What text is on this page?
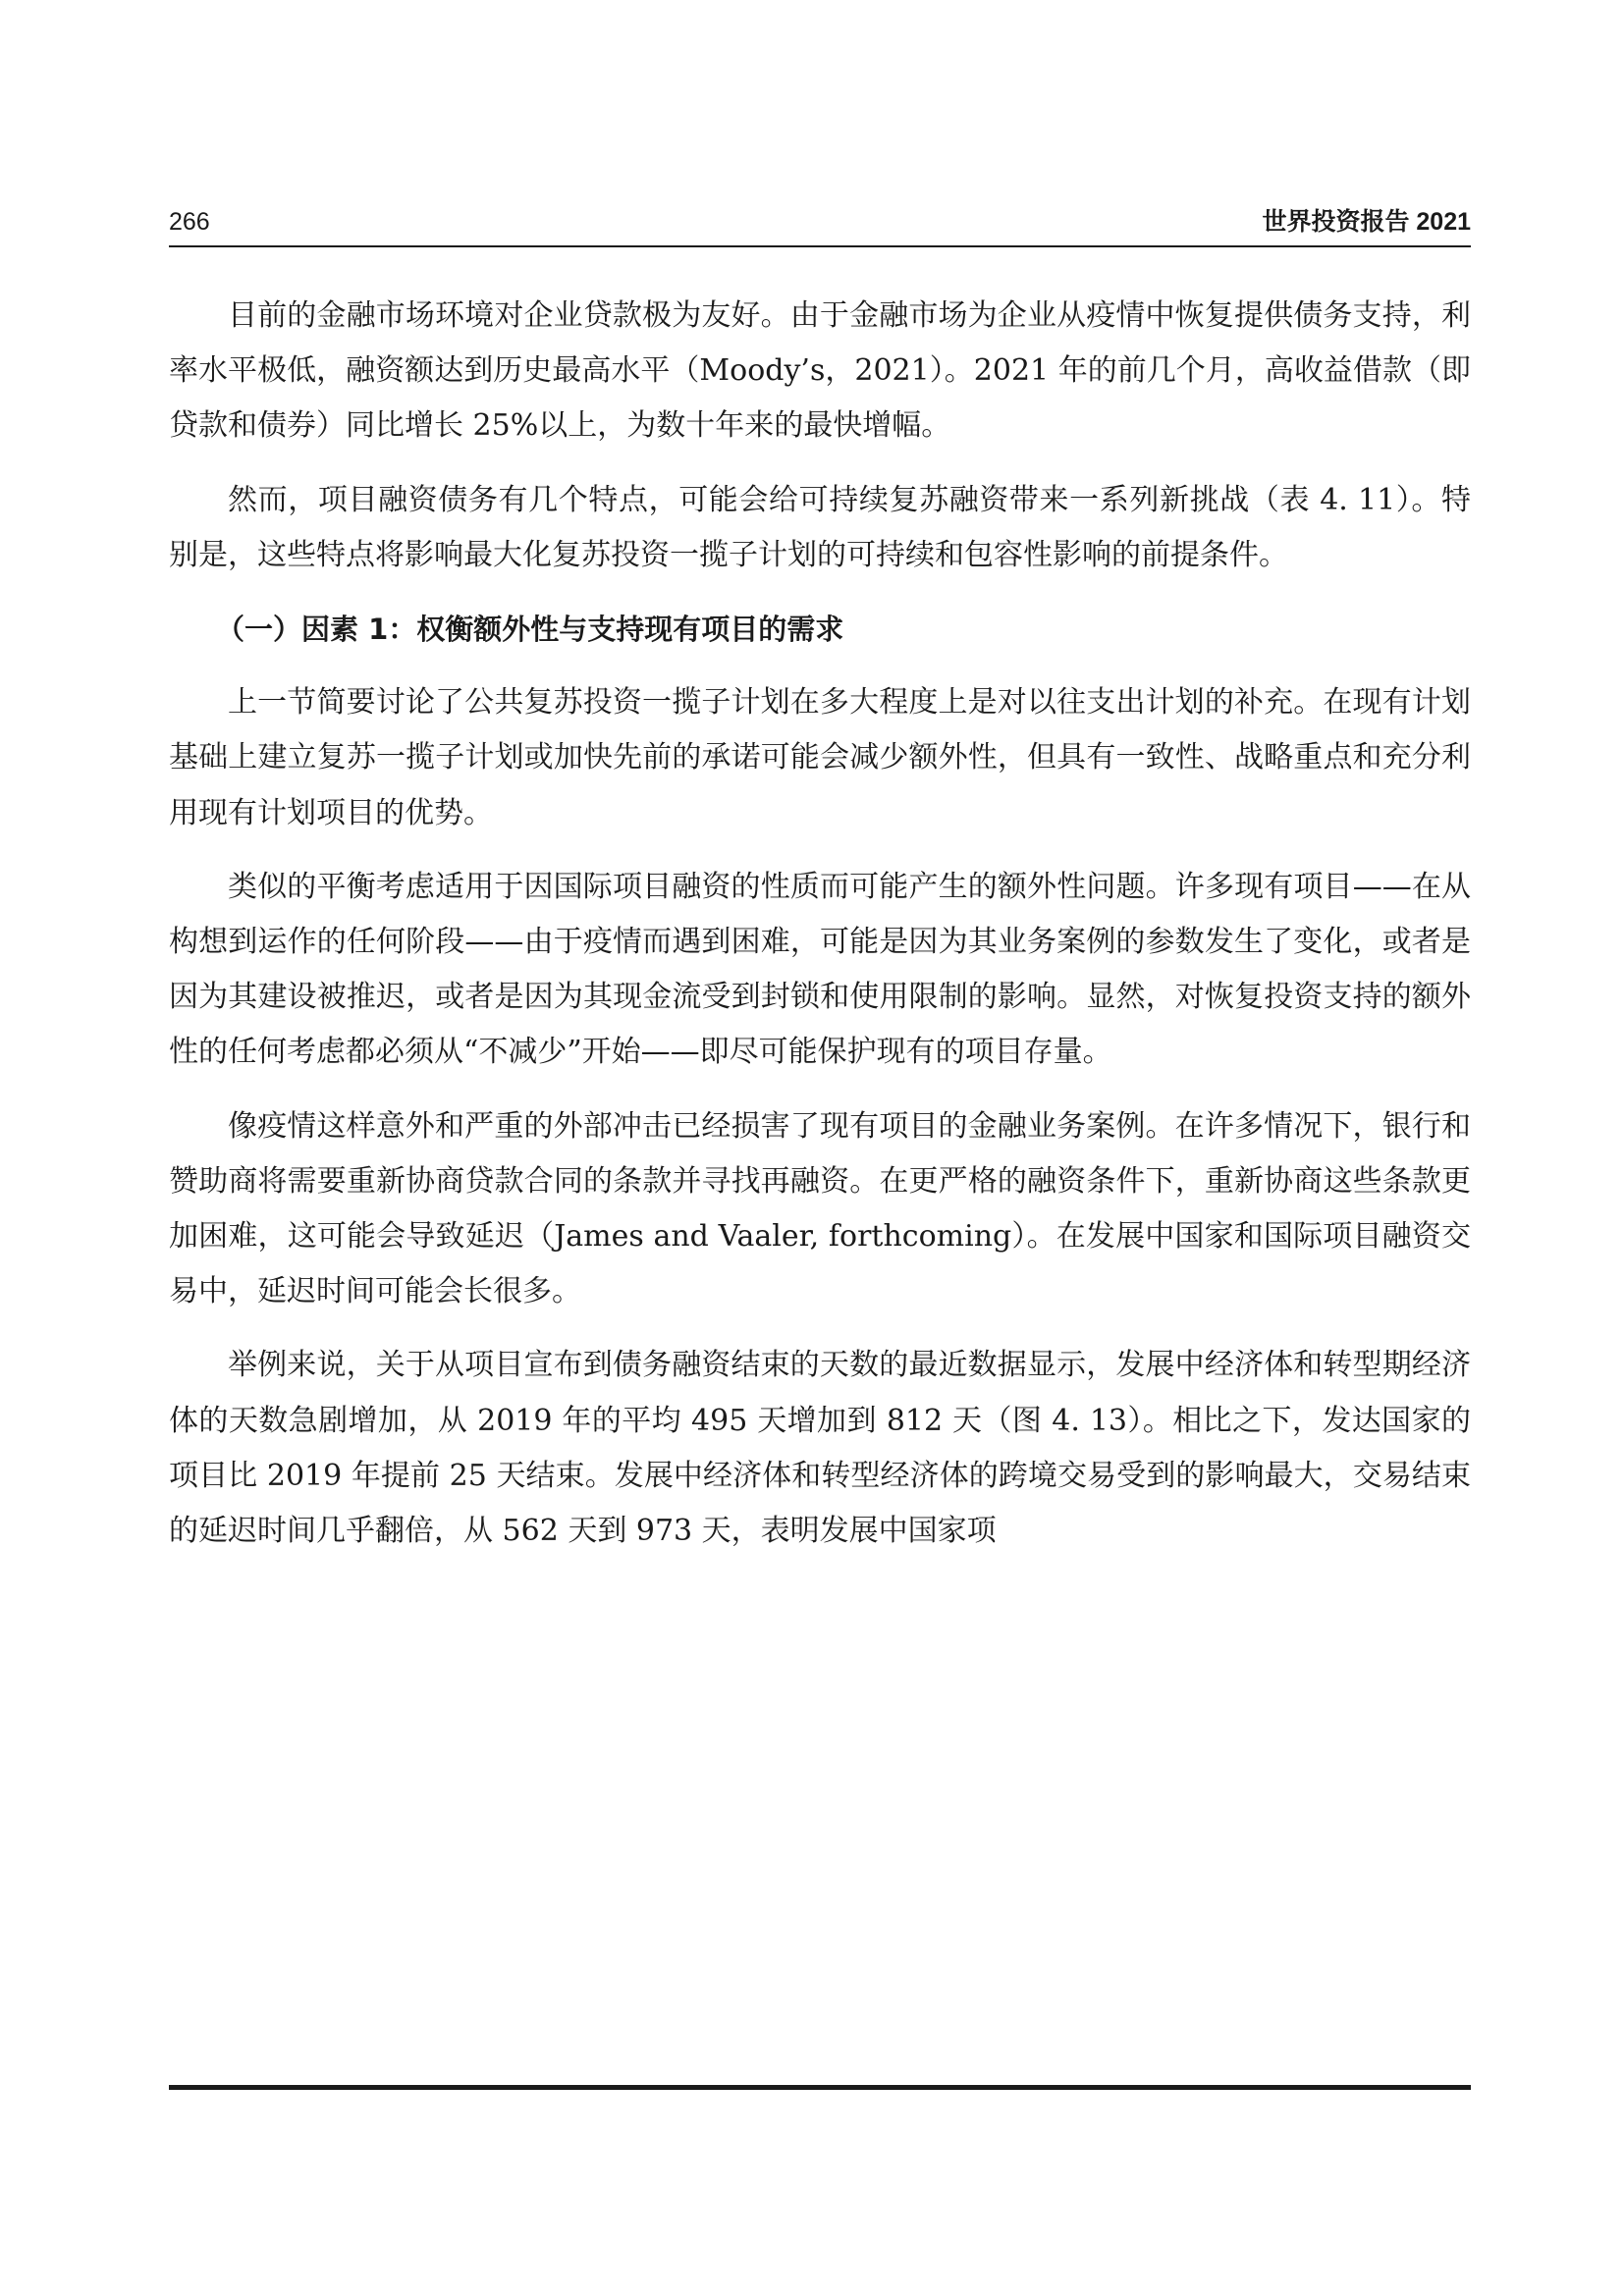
266	世界投资报告 2021

目前的金融市场环境对企业贷款极为友好。由于金融市场为企业从疫情中恢复提供债务支持，利率水平极低，融资额达到历史最高水平（Moody’s，2021）。2021 年的前几个月，高收益借款（即贷款和债券）同比增长 25%以上，为数十年来的最快增幅。

然而，项目融资债务有几个特点，可能会给可持续复苏融资带来一系列新挑战（表 4. 11）。特别是，这些特点将影响最大化复苏投资一揽子计划的可持续和包容性影响的前提条件。

（一）因素 1：权衡额外性与支持现有项目的需求

上一节简要讨论了公共复苏投资一揽子计划在多大程度上是对以往支出计划的补充。在现有计划基础上建立复苏一揽子计划或加快先前的承诺可能会减少额外性，但具有一致性、战略重点和充分利用现有计划项目的优势。

类似的平衡考虑适用于因国际项目融资的性质而可能产生的额外性问题。许多现有项目——在从构想到运作的任何阶段——由于疫情而遇到困难，可能是因为其业务案例的参数发生了变化，或者是因为其建设被推迟，或者是因为其现金流受到封锁和使用限制的影响。显然，对恢复投资支持的额外性的任何考虑都必须从“不减少”开始——即尽可能保护现有的项目存量。

像疫情这样意外和严重的外部冲击已经损害了现有项目的金融业务案例。在许多情况下，银行和赞助商将需要重新协商贷款合同的条款并寻找再融资。在更严格的融资条件下，重新协商这些条款更加困难，这可能会导致延迟（James and Vaaler, forthcoming）。在发展中国家和国际项目融资交易中，延迟时间可能会长很多。

举例来说，关于从项目宣布到债务融资结束的天数的最近数据显示，发展中经济体和转型期经济体的天数急剧增加，从 2019 年的平均 495 天增加到 812 天（图 4. 13）。相比之下，发达国家的项目比 2019 年提前 25 天结束。发展中经济体和转型经济体的跨境交易受到的影响最大，交易结束的延迟时间几乎翻倍，从 562 天到 973 天，表明发展中国家项
